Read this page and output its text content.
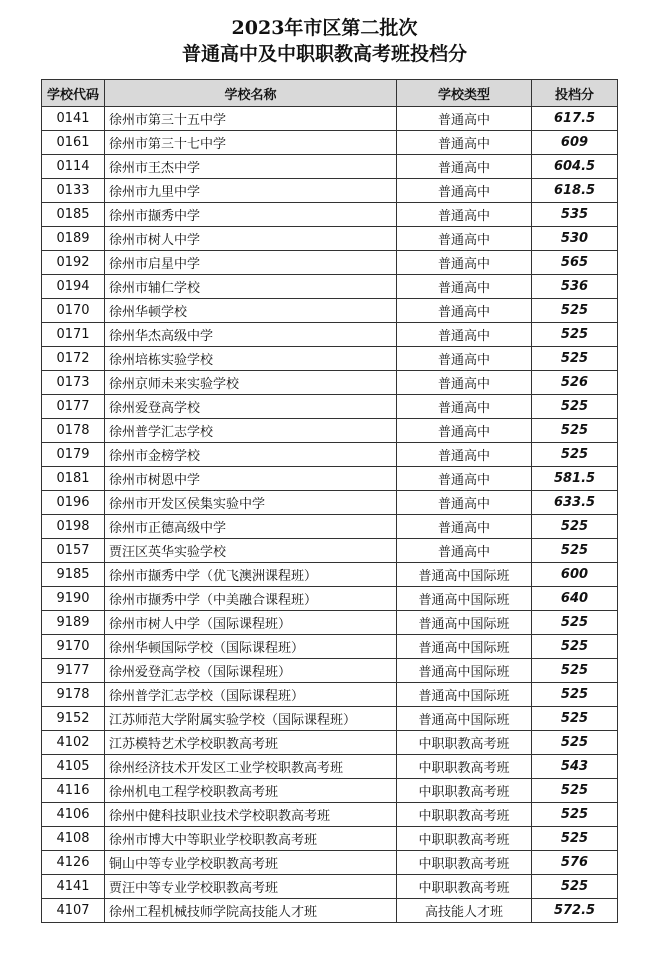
2023年市区第二批次
普通高中及中职职教高考班投档分
学校代码	学校名称	学校类型	投档分
0141	徐州市第三十五中学	普通高中	617.5
0161	徐州市第三十七中学	普通高中	609
0114	徐州市王杰中学	普通高中	604.5
0133	徐州市九里中学	普通高中	618.5
0185	徐州市撷秀中学	普通高中	535
0189	徐州市树人中学	普通高中	530
0192	徐州市启星中学	普通高中	565
0194	徐州市辅仁学校	普通高中	536
0170	徐州华顿学校	普通高中	525
0171	徐州华杰高级中学	普通高中	525
0172	徐州培栋实验学校	普通高中	525
0173	徐州京师未来实验学校	普通高中	526
0177	徐州爱登高学校	普通高中	525
0178	徐州普学汇志学校	普通高中	525
0179	徐州市金榜学校	普通高中	525
0181	徐州市树恩中学	普通高中	581.5
0196	徐州市开发区侯集实验中学	普通高中	633.5
0198	徐州市正德高级中学	普通高中	525
0157	贾汪区英华实验学校	普通高中	525
9185	徐州市撷秀中学（优飞澳洲课程班）	普通高中国际班	600
9190	徐州市撷秀中学（中美融合课程班）	普通高中国际班	640
9189	徐州市树人中学（国际课程班）	普通高中国际班	525
9170	徐州华顿国际学校（国际课程班）	普通高中国际班	525
9177	徐州爱登高学校（国际课程班）	普通高中国际班	525
9178	徐州普学汇志学校（国际课程班）	普通高中国际班	525
9152	江苏师范大学附属实验学校（国际课程班）	普通高中国际班	525
4102	江苏模特艺术学校职教高考班	中职职教高考班	525
4105	徐州经济技术开发区工业学校职教高考班	中职职教高考班	543
4116	徐州机电工程学校职教高考班	中职职教高考班	525
4106	徐州中健科技职业技术学校职教高考班	中职职教高考班	525
4108	徐州市博大中等职业学校职教高考班	中职职教高考班	525
4126	铜山中等专业学校职教高考班	中职职教高考班	576
4141	贾汪中等专业学校职教高考班	中职职教高考班	525
4107	徐州工程机械技师学院高技能人才班	高技能人才班	572.5
